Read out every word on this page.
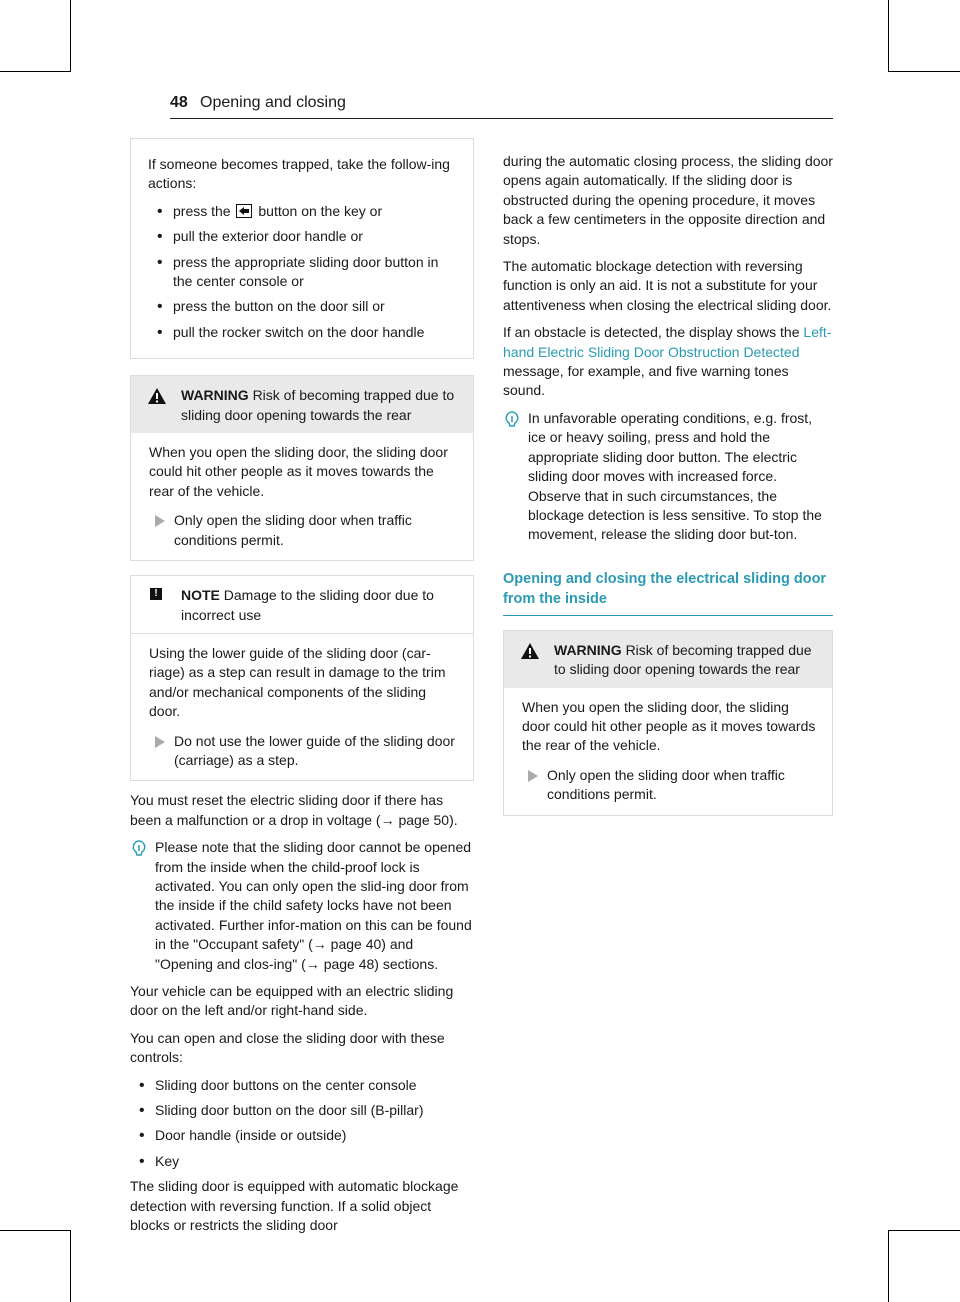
48 Opening and closing

If someone becomes trapped, take the follow-ing actions:

• press the  button on the key or
• pull the exterior door handle or
• press the appropriate sliding door button in the center console or
• press the button on the door sill or
• pull the rocker switch on the door handle
WARNING Risk of becoming trapped due to sliding door opening towards the rear
When you open the sliding door, the sliding door could hit other people as it moves towards the rear of the vehicle.
Only open the sliding door when traffic conditions permit.
!	NOTE Damage to the sliding door due to incorrect use
Using the lower guide of the sliding door (car-riage) as a step can result in damage to the trim and/or mechanical components of the sliding door.
Do not use the lower guide of the sliding door (carriage) as a step.

You must reset the electric sliding door if there has been a malfunction or a drop in voltage (→ page 50).

Please note that the sliding door cannot be opened from the inside when the child-proof lock is activated. You can only open the slid-ing door from the inside if the child safety locks have not been activated. Further infor-mation on this can be found in the "Occupant safety" (→ page 40) and "Opening and clos-ing" (→ page 48) sections.

Your vehicle can be equipped with an electric sliding door on the left and/or right-hand side.

You can open and close the sliding door with these controls:

• Sliding door buttons on the center console
• Sliding door button on the door sill (B-pillar)
• Door handle (inside or outside)
• Key

The sliding door is equipped with automatic blockage detection with reversing function. If a solid object blocks or restricts the sliding door

during the automatic closing process, the sliding door opens again automatically. If the sliding door is obstructed during the opening procedure, it moves back a few centimeters in the opposite direction and stops.

The automatic blockage detection with reversing function is only an aid. It is not a substitute for your attentiveness when closing the electrical sliding door.

If an obstacle is detected, the display shows the Left-hand Electric Sliding Door Obstruction Detected message, for example, and five warning tones sound.

In unfavorable operating conditions, e.g. frost, ice or heavy soiling, press and hold the appropriate sliding door button. The electric sliding door moves with increased force. Observe that in such circumstances, the blockage detection is less sensitive. To stop the movement, release the sliding door but-ton.
Opening and closing the electrical sliding door from the inside
WARNING Risk of becoming trapped due to sliding door opening towards the rear
When you open the sliding door, the sliding door could hit other people as it moves towards the rear of the vehicle.
Only open the sliding door when traffic conditions permit.
